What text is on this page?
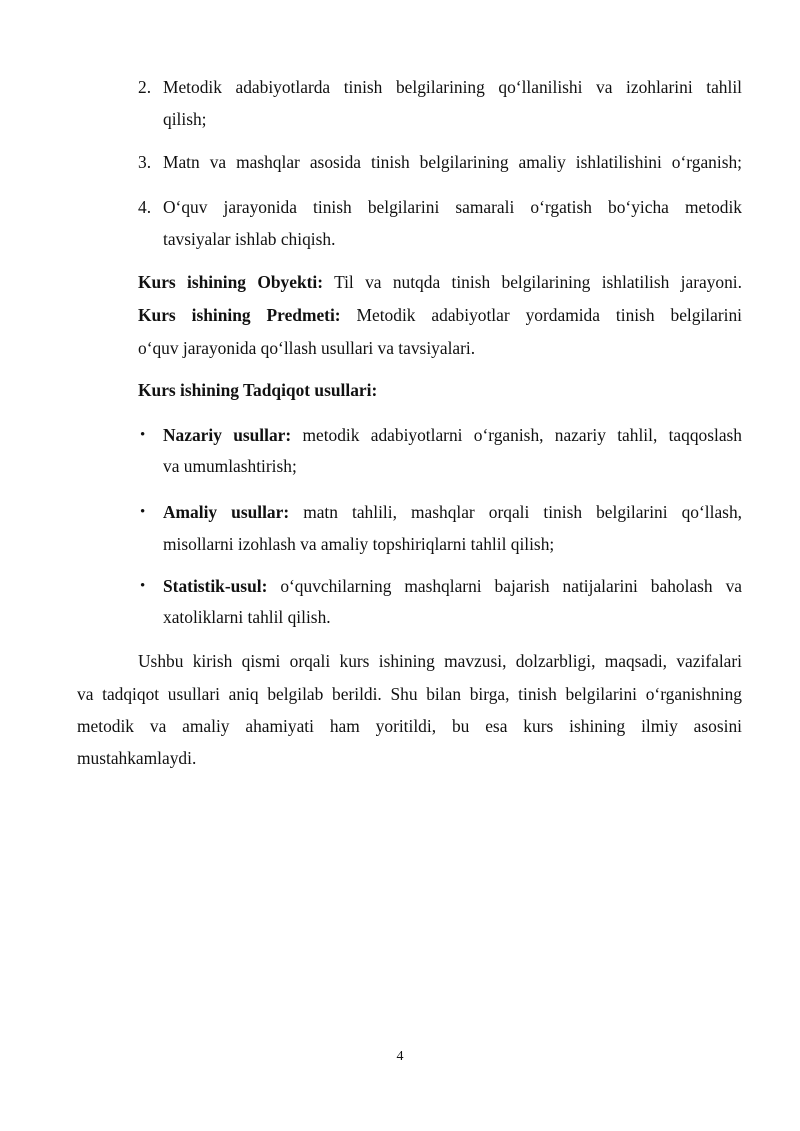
2. Metodik adabiyotlarda tinish belgilarining qo‘llanilishi va izohlarini tahlil
qilish;
3. Matn va mashqlar asosida tinish belgilarining amaliy ishlatilishini o‘rganish;
4. O‘quv jarayonida tinish belgilarini samarali o‘rgatish bo‘yicha metodik
tavsiyalar ishlab chiqish.
Kurs ishining Obyekti: Til va nutqda tinish belgilarining ishlatilish jarayoni.
Kurs ishining Predmeti: Metodik adabiyotlar yordamida tinish belgilarini
o‘quv jarayonida qo‘llash usullari va tavsiyalari.
Kurs ishining Tadqiqot usullari:
• Nazariy usullar: metodik adabiyotlarni o‘rganish, nazariy tahlil, taqqoslash
va umumlashtirish;
• Amaliy usullar: matn tahlili, mashqlar orqali tinish belgilarini qo‘llash,
misollarni izohlash va amaliy topshiriqlarni tahlil qilish;
• Statistik-usul: o‘quvchilarning mashqlarni bajarish natijalarini baholash va
xatoliklarni tahlil qilish.
Ushbu kirish qismi orqali kurs ishining mavzusi, dolzarbligi, maqsadi, vazifalari
va tadqiqot usullari aniq belgilab berildi. Shu bilan birga, tinish belgilarini o‘rganishning
metodik va amaliy ahamiyati ham yoritildi, bu esa kurs ishining ilmiy asosini
mustahkamlaydi.
4
